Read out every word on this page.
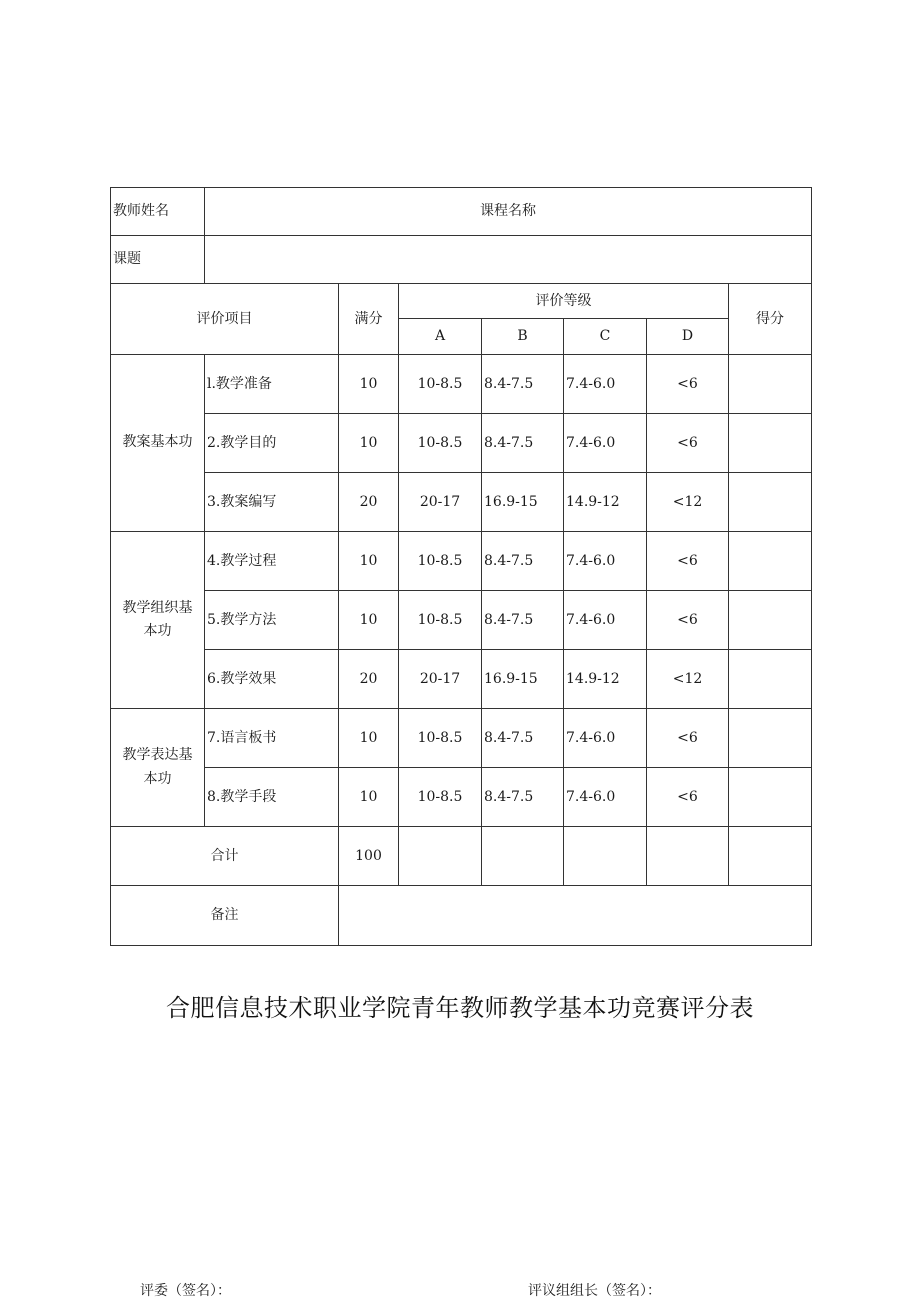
教师姓名	课程名称						
课题							
评价项目		满分	评价等级				得分
			A	B	C	D	
教案基本功	l.教学准备	10	10-8.5	8.4-7.5	7.4-6.0	<6	
	2.教学目的	10	10-8.5	8.4-7.5	7.4-6.0	<6	
	3.教案编写	20	20-17	16.9-15	14.9-12	<12	
教学组织基本功	4.教学过程	10	10-8.5	8.4-7.5	7.4-6.0	<6	
	5.教学方法	10	10-8.5	8.4-7.5	7.4-6.0	<6	
	6.教学效果	20	20-17	16.9-15	14.9-12	<12	
教学表达基本功	7.语言板书	10	10-8.5	8.4-7.5	7.4-6.0	<6	
	8.教学手段	10	10-8.5	8.4-7.5	7.4-6.0	<6	
合计		100					
备注							
合肥信息技术职业学院青年教师教学基本功竞赛评分表
评委（签名）：	评议组组长（签名）：
